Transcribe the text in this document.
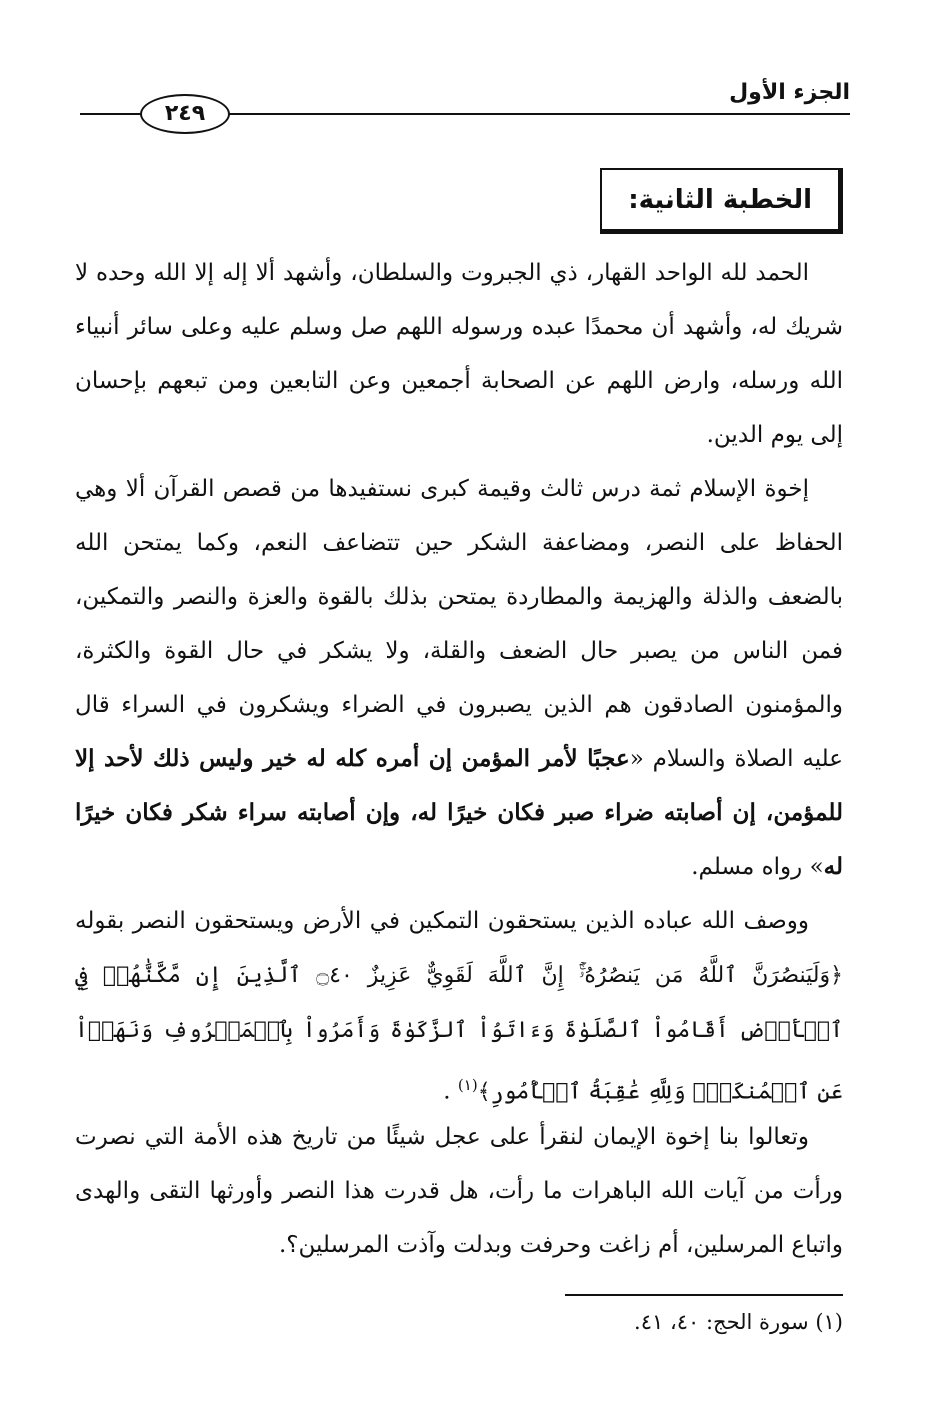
الجزء الأول
٢٤٩
الخطبة الثانية:

الحمد لله الواحد القهار، ذي الجبروت والسلطان، وأشهد ألا إله إلا الله وحده لا شريك له، وأشهد أن محمدًا عبده ورسوله اللهم صل وسلم عليه وعلى سائر أنبياء الله ورسله، وارض اللهم عن الصحابة أجمعين وعن التابعين ومن تبعهم بإحسان إلى يوم الدين.

إخوة الإسلام ثمة درس ثالث وقيمة كبرى نستفيدها من قصص القرآن ألا وهي الحفاظ على النصر، ومضاعفة الشكر حين تتضاعف النعم، وكما يمتحن الله بالضعف والذلة والهزيمة والمطاردة يمتحن بذلك بالقوة والعزة والنصر والتمكين، فمن الناس من يصبر حال الضعف والقلة، ولا يشكر في حال القوة والكثرة، والمؤمنون الصادقون هم الذين يصبرون في الضراء ويشكرون في السراء قال عليه الصلاة والسلام «عجبًا لأمر المؤمن إن أمره كله له خير وليس ذلك لأحد إلا للمؤمن، إن أصابته ضراء صبر فكان خيرًا له، وإن أصابته سراء شكر فكان خيرًا له» رواه مسلم.

ووصف الله عباده الذين يستحقون التمكين في الأرض ويستحقون النصر بقوله ﴿وَلَيَنصُرَنَّ ٱللَّهُ مَن يَنصُرُهُۥٓۚ إِنَّ ٱللَّهَ لَقَوِيٌّ عَزِيزٌ ۝٤٠ ٱلَّذِينَ إِن مَّكَّنَّٰهُمۡ فِي ٱلۡأَرۡضِ أَقَامُواْ ٱلصَّلَوٰةَ وَءَاتَوُاْ ٱلزَّكَوٰةَ وَأَمَرُواْ بِٱلۡمَعۡرُوفِ وَنَهَوۡاْ عَنِ ٱلۡمُنكَرِۗ وَلِلَّهِ عَٰقِبَةُ ٱلۡأُمُورِ﴾$^{(١)}$ .

وتعالوا بنا إخوة الإيمان لنقرأ على عجل شيئًا من تاريخ هذه الأمة التي نصرت ورأت من آيات الله الباهرات ما رأت، هل قدرت هذا النصر وأورثها التقى والهدى واتباع المرسلين، أم زاغت وحرفت وبدلت وآذت المرسلين؟.

(١) سورة الحج: ٤٠، ٤١.
